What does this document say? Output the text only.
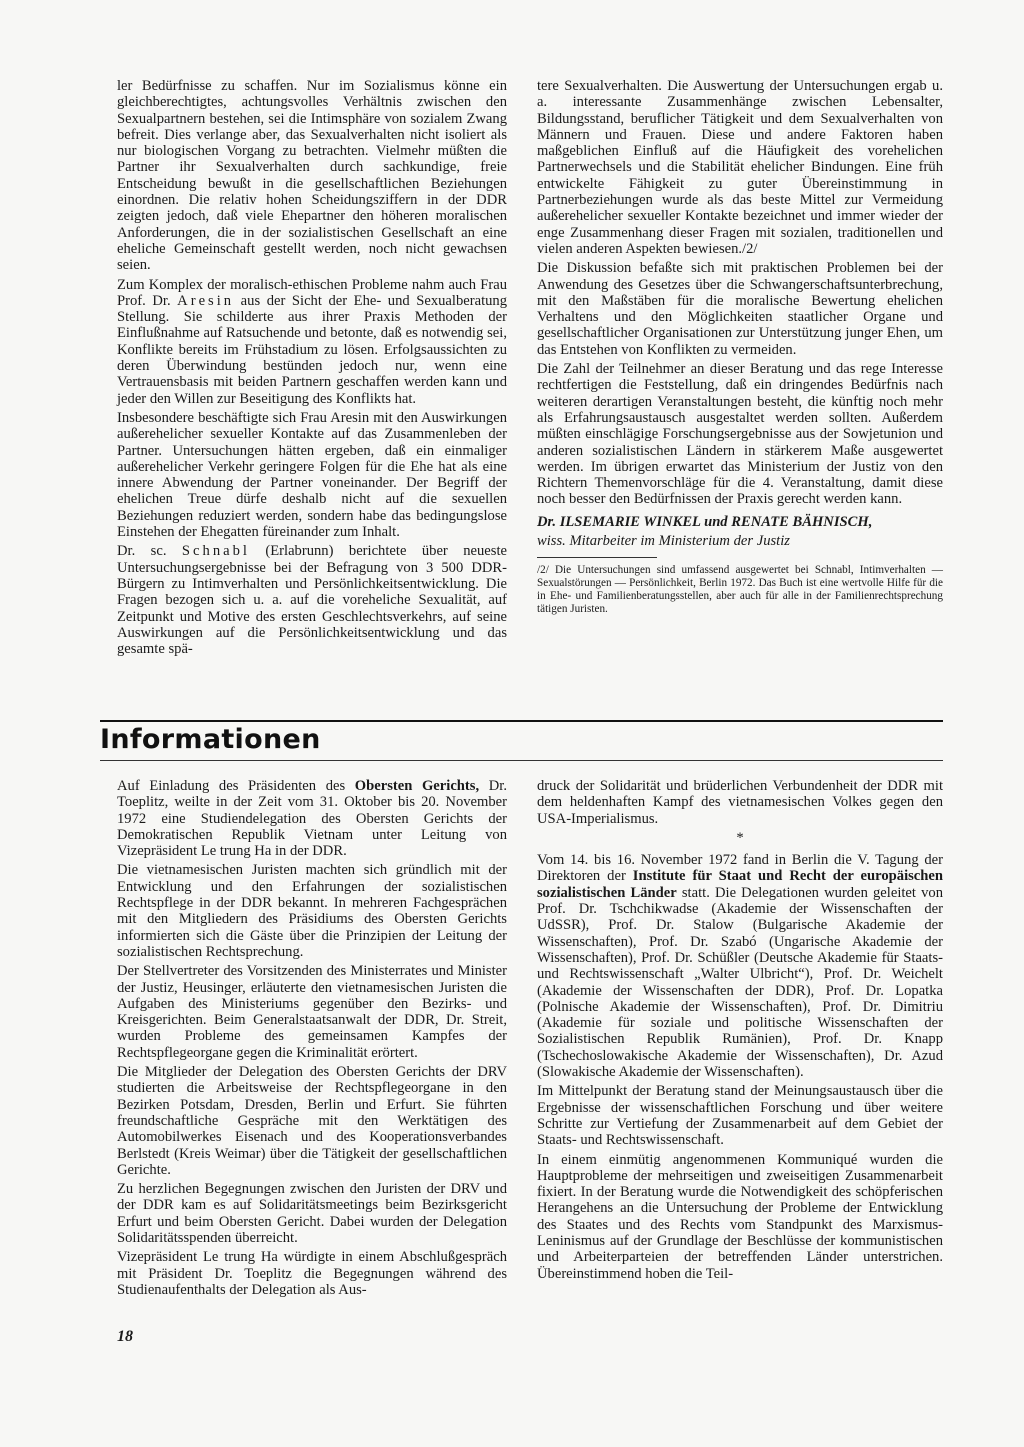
ler Bedürfnisse zu schaffen. Nur im Sozialismus könne ein gleichberechtigtes, achtungsvolles Verhältnis zwischen den Sexualpartnern bestehen, sei die Intimsphäre von sozialem Zwang befreit. Dies verlange aber, das Sexualverhalten nicht isoliert als nur biologischen Vorgang zu betrachten. Vielmehr müßten die Partner ihr Sexualverhalten durch sachkundige, freie Entscheidung bewußt in die gesellschaftlichen Beziehungen einordnen. Die relativ hohen Scheidungsziffern in der DDR zeigten jedoch, daß viele Ehepartner den höheren moralischen Anforderungen, die in der sozialistischen Gesellschaft an eine eheliche Gemeinschaft gestellt werden, noch nicht gewachsen seien.

Zum Komplex der moralisch-ethischen Probleme nahm auch Frau Prof. Dr. Aresin aus der Sicht der Ehe- und Sexualberatung Stellung. Sie schilderte aus ihrer Praxis Methoden der Einflußnahme auf Ratsuchende und betonte, daß es notwendig sei, Konflikte bereits im Frühstadium zu lösen. Erfolgsaussichten zu deren Überwindung bestünden jedoch nur, wenn eine Vertrauensbasis mit beiden Partnern geschaffen werden kann und jeder den Willen zur Beseitigung des Konflikts hat.

Insbesondere beschäftigte sich Frau Aresin mit den Auswirkungen außerehelicher sexueller Kontakte auf das Zusammenleben der Partner. Untersuchungen hätten ergeben, daß ein einmaliger außerehelicher Verkehr geringere Folgen für die Ehe hat als eine innere Abwendung der Partner voneinander. Der Begriff der ehelichen Treue dürfe deshalb nicht auf die sexuellen Beziehungen reduziert werden, sondern habe das bedingungslose Einstehen der Ehegatten füreinander zum Inhalt.

Dr. sc. Schnabl (Erlabrunn) berichtete über neueste Untersuchungsergebnisse bei der Befragung von 3 500 DDR-Bürgern zu Intimverhalten und Persönlichkeitsentwicklung. Die Fragen bezogen sich u. a. auf die voreheliche Sexualität, auf Zeitpunkt und Motive des ersten Geschlechtsverkehrs, auf seine Auswirkungen auf die Persönlichkeitsentwicklung und das gesamte spä-

tere Sexualverhalten. Die Auswertung der Untersuchungen ergab u. a. interessante Zusammenhänge zwischen Lebensalter, Bildungsstand, beruflicher Tätigkeit und dem Sexualverhalten von Männern und Frauen. Diese und andere Faktoren haben maßgeblichen Einfluß auf die Häufigkeit des vorehelichen Partnerwechsels und die Stabilität ehelicher Bindungen. Eine früh entwickelte Fähigkeit zu guter Übereinstimmung in Partnerbeziehungen wurde als das beste Mittel zur Vermeidung außerehelicher sexueller Kontakte bezeichnet und immer wieder der enge Zusammenhang dieser Fragen mit sozialen, traditionellen und vielen anderen Aspekten bewiesen./2/

Die Diskussion befaßte sich mit praktischen Problemen bei der Anwendung des Gesetzes über die Schwangerschaftsunterbrechung, mit den Maßstäben für die moralische Bewertung ehelichen Verhaltens und den Möglichkeiten staatlicher Organe und gesellschaftlicher Organisationen zur Unterstützung junger Ehen, um das Entstehen von Konflikten zu vermeiden.

Die Zahl der Teilnehmer an dieser Beratung und das rege Interesse rechtfertigen die Feststellung, daß ein dringendes Bedürfnis nach weiteren derartigen Veranstaltungen besteht, die künftig noch mehr als Erfahrungsaustausch ausgestaltet werden sollten. Außerdem müßten einschlägige Forschungsergebnisse aus der Sowjetunion und anderen sozialistischen Ländern in stärkerem Maße ausgewertet werden. Im übrigen erwartet das Ministerium der Justiz von den Richtern Themenvorschläge für die 4. Veranstaltung, damit diese noch besser den Bedürfnissen der Praxis gerecht werden kann.

Dr. ILSEMARIE WINKEL und RENATE BÄHNISCH,

wiss. Mitarbeiter im Ministerium der Justiz

/2/ Die Untersuchungen sind umfassend ausgewertet bei Schnabl, Intimverhalten — Sexualstörungen — Persönlichkeit, Berlin 1972. Das Buch ist eine wertvolle Hilfe für die in Ehe- und Familienberatungsstellen, aber auch für alle in der Familienrechtsprechung tätigen Juristen.

Informationen

Auf Einladung des Präsidenten des Obersten Gerichts, Dr. Toeplitz, weilte in der Zeit vom 31. Oktober bis 20. November 1972 eine Studiendelegation des Obersten Gerichts der Demokratischen Republik Vietnam unter Leitung von Vizepräsident Le trung Ha in der DDR.

Die vietnamesischen Juristen machten sich gründlich mit der Entwicklung und den Erfahrungen der sozialistischen Rechtspflege in der DDR bekannt. In mehreren Fachgesprächen mit den Mitgliedern des Präsidiums des Obersten Gerichts informierten sich die Gäste über die Prinzipien der Leitung der sozialistischen Rechtsprechung.

Der Stellvertreter des Vorsitzenden des Ministerrates und Minister der Justiz, Heusinger, erläuterte den vietnamesischen Juristen die Aufgaben des Ministeriums gegenüber den Bezirks- und Kreisgerichten. Beim Generalstaatsanwalt der DDR, Dr. Streit, wurden Probleme des gemeinsamen Kampfes der Rechtspflegeorgane gegen die Kriminalität erörtert.

Die Mitglieder der Delegation des Obersten Gerichts der DRV studierten die Arbeitsweise der Rechtspflegeorgane in den Bezirken Potsdam, Dresden, Berlin und Erfurt. Sie führten freundschaftliche Gespräche mit den Werktätigen des Automobilwerkes Eisenach und des Kooperationsverbandes Berlstedt (Kreis Weimar) über die Tätigkeit der gesellschaftlichen Gerichte.

Zu herzlichen Begegnungen zwischen den Juristen der DRV und der DDR kam es auf Solidaritätsmeetings beim Bezirksgericht Erfurt und beim Obersten Gericht. Dabei wurden der Delegation Solidaritätsspenden überreicht.

Vizepräsident Le trung Ha würdigte in einem Abschlußgespräch mit Präsident Dr. Toeplitz die Begegnungen während des Studienaufenthalts der Delegation als Aus-

druck der Solidarität und brüderlichen Verbundenheit der DDR mit dem heldenhaften Kampf des vietnamesischen Volkes gegen den USA-Imperialismus.

*

Vom 14. bis 16. November 1972 fand in Berlin die V. Tagung der Direktoren der Institute für Staat und Recht der europäischen sozialistischen Länder statt. Die Delegationen wurden geleitet von Prof. Dr. Tschchikwadse (Akademie der Wissenschaften der UdSSR), Prof. Dr. Stalow (Bulgarische Akademie der Wissenschaften), Prof. Dr. Szabó (Ungarische Akademie der Wissenschaften), Prof. Dr. Schüßler (Deutsche Akademie für Staats- und Rechtswissenschaft „Walter Ulbricht“), Prof. Dr. Weichelt (Akademie der Wissenschaften der DDR), Prof. Dr. Lopatka (Polnische Akademie der Wissenschaften), Prof. Dr. Dimitriu (Akademie für soziale und politische Wissenschaften der Sozialistischen Republik Rumänien), Prof. Dr. Knapp (Tschechoslowakische Akademie der Wissenschaften), Dr. Azud (Slowakische Akademie der Wissenschaften).

Im Mittelpunkt der Beratung stand der Meinungsaustausch über die Ergebnisse der wissenschaftlichen Forschung und über weitere Schritte zur Vertiefung der Zusammenarbeit auf dem Gebiet der Staats- und Rechtswissenschaft.

In einem einmütig angenommenen Kommuniqué wurden die Hauptprobleme der mehrseitigen und zweiseitigen Zusammenarbeit fixiert. In der Beratung wurde die Notwendigkeit des schöpferischen Herangehens an die Untersuchung der Probleme der Entwicklung des Staates und des Rechts vom Standpunkt des Marxismus-Leninismus auf der Grundlage der Beschlüsse der kommunistischen und Arbeiterparteien der betreffenden Länder unterstrichen. Übereinstimmend hoben die Teil-

18
